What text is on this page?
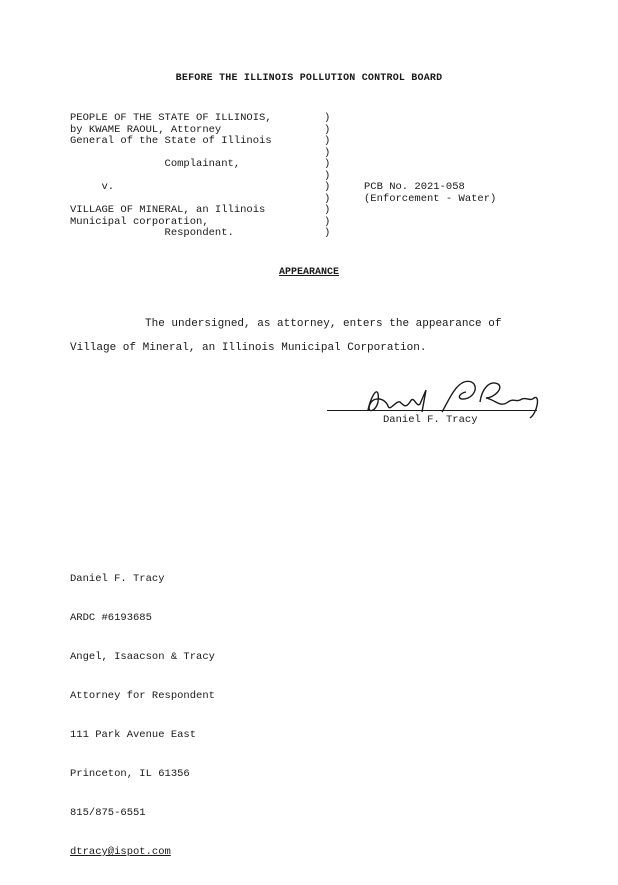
BEFORE THE ILLINOIS POLLUTION CONTROL BOARD
PEOPLE OF THE STATE OF ILLINOIS,
by KWAME RAOUL, Attorney
General of the State of Illinois
Complainant,
v.
VILLAGE OF MINERAL, an Illinois
Municipal corporation,
Respondent.
)
)
)
)
)
)
)
)
)
)
)
PCB No. 2021-058
(Enforcement - Water)
APPEARANCE
The undersigned, as attorney, enters the appearance of
Village of Mineral, an Illinois Municipal Corporation.
Daniel F. Tracy

Daniel F. Tracy

ARDC #6193685

Angel, Isaacson & Tracy

Attorney for Respondent

111 Park Avenue East

Princeton, IL 61356

815/875-6551

dtracy@ispot.com
